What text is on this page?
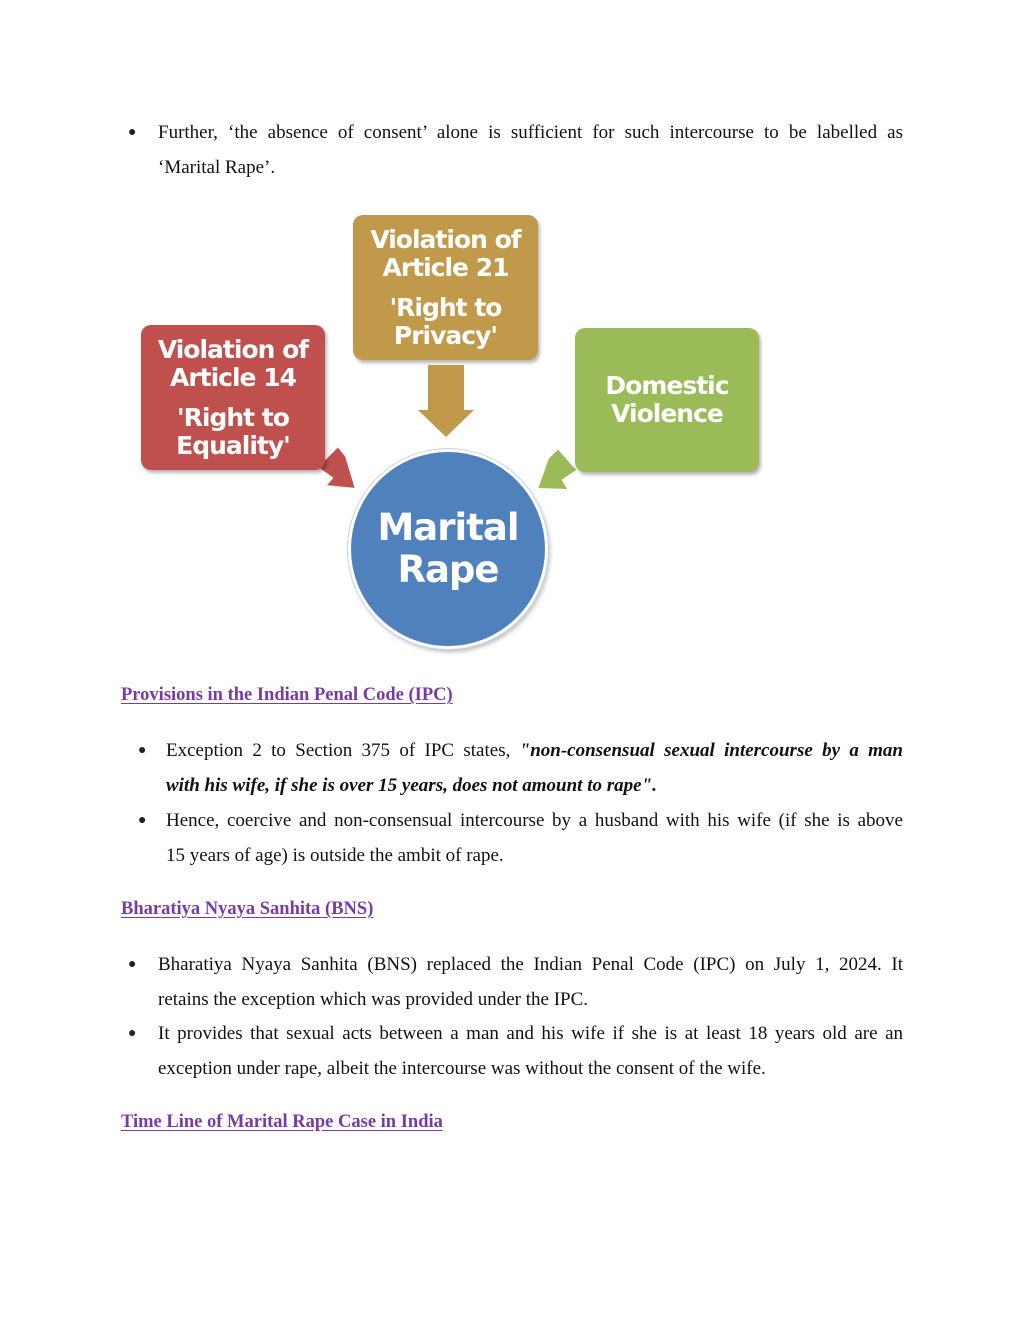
● Further, ‘the absence of consent’ alone is sufficient for such intercourse to be labelled as
‘Marital Rape’.
Violation of
Article 14
'Right to
Equality'
Violation of
Article 21
'Right to
Privacy'
Domestic
Violence
Marital
Rape
Provisions in the Indian Penal Code (IPC)
● Exception 2 to Section 375 of IPC states, "non-consensual sexual intercourse by a man
with his wife, if she is over 15 years, does not amount to rape".
● Hence, coercive and non-consensual intercourse by a husband with his wife (if she is above
15 years of age) is outside the ambit of rape.
Bharatiya Nyaya Sanhita (BNS)
● Bharatiya Nyaya Sanhita (BNS) replaced the Indian Penal Code (IPC) on July 1, 2024. It
retains the exception which was provided under the IPC.
● It provides that sexual acts between a man and his wife if she is at least 18 years old are an
exception under rape, albeit the intercourse was without the consent of the wife.
Time Line of Marital Rape Case in India
